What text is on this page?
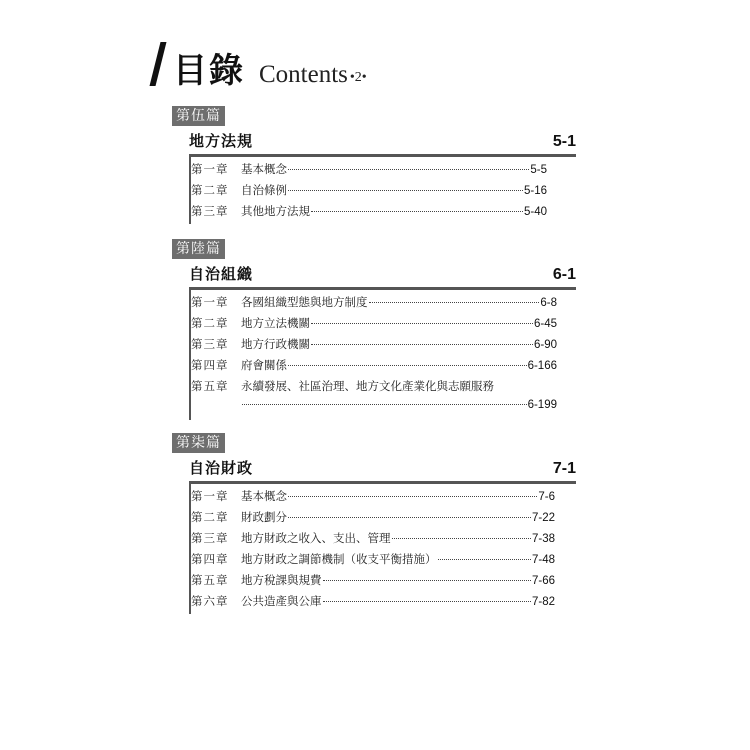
目錄 Contents •2•
第伍篇
地方法規	5-1
第一章	基本概念	5-5
第二章	自治條例	5-16
第三章	其他地方法規	5-40
第陸篇
自治組織	6-1
第一章	各國組織型態與地方制度	6-8
第二章	地方立法機關	6-45
第三章	地方行政機關	6-90
第四章	府會關係	6-166
第五章	永續發展、社區治理、地方文化產業化與志願服務
6-199
第柒篇
自治財政	7-1
第一章	基本概念	7-6
第二章	財政劃分	7-22
第三章	地方財政之收入、支出、管理	7-38
第四章	地方財政之調節機制（收支平衡措施）	7-48
第五章	地方稅課與規費	7-66
第六章	公共造產與公庫	7-82
